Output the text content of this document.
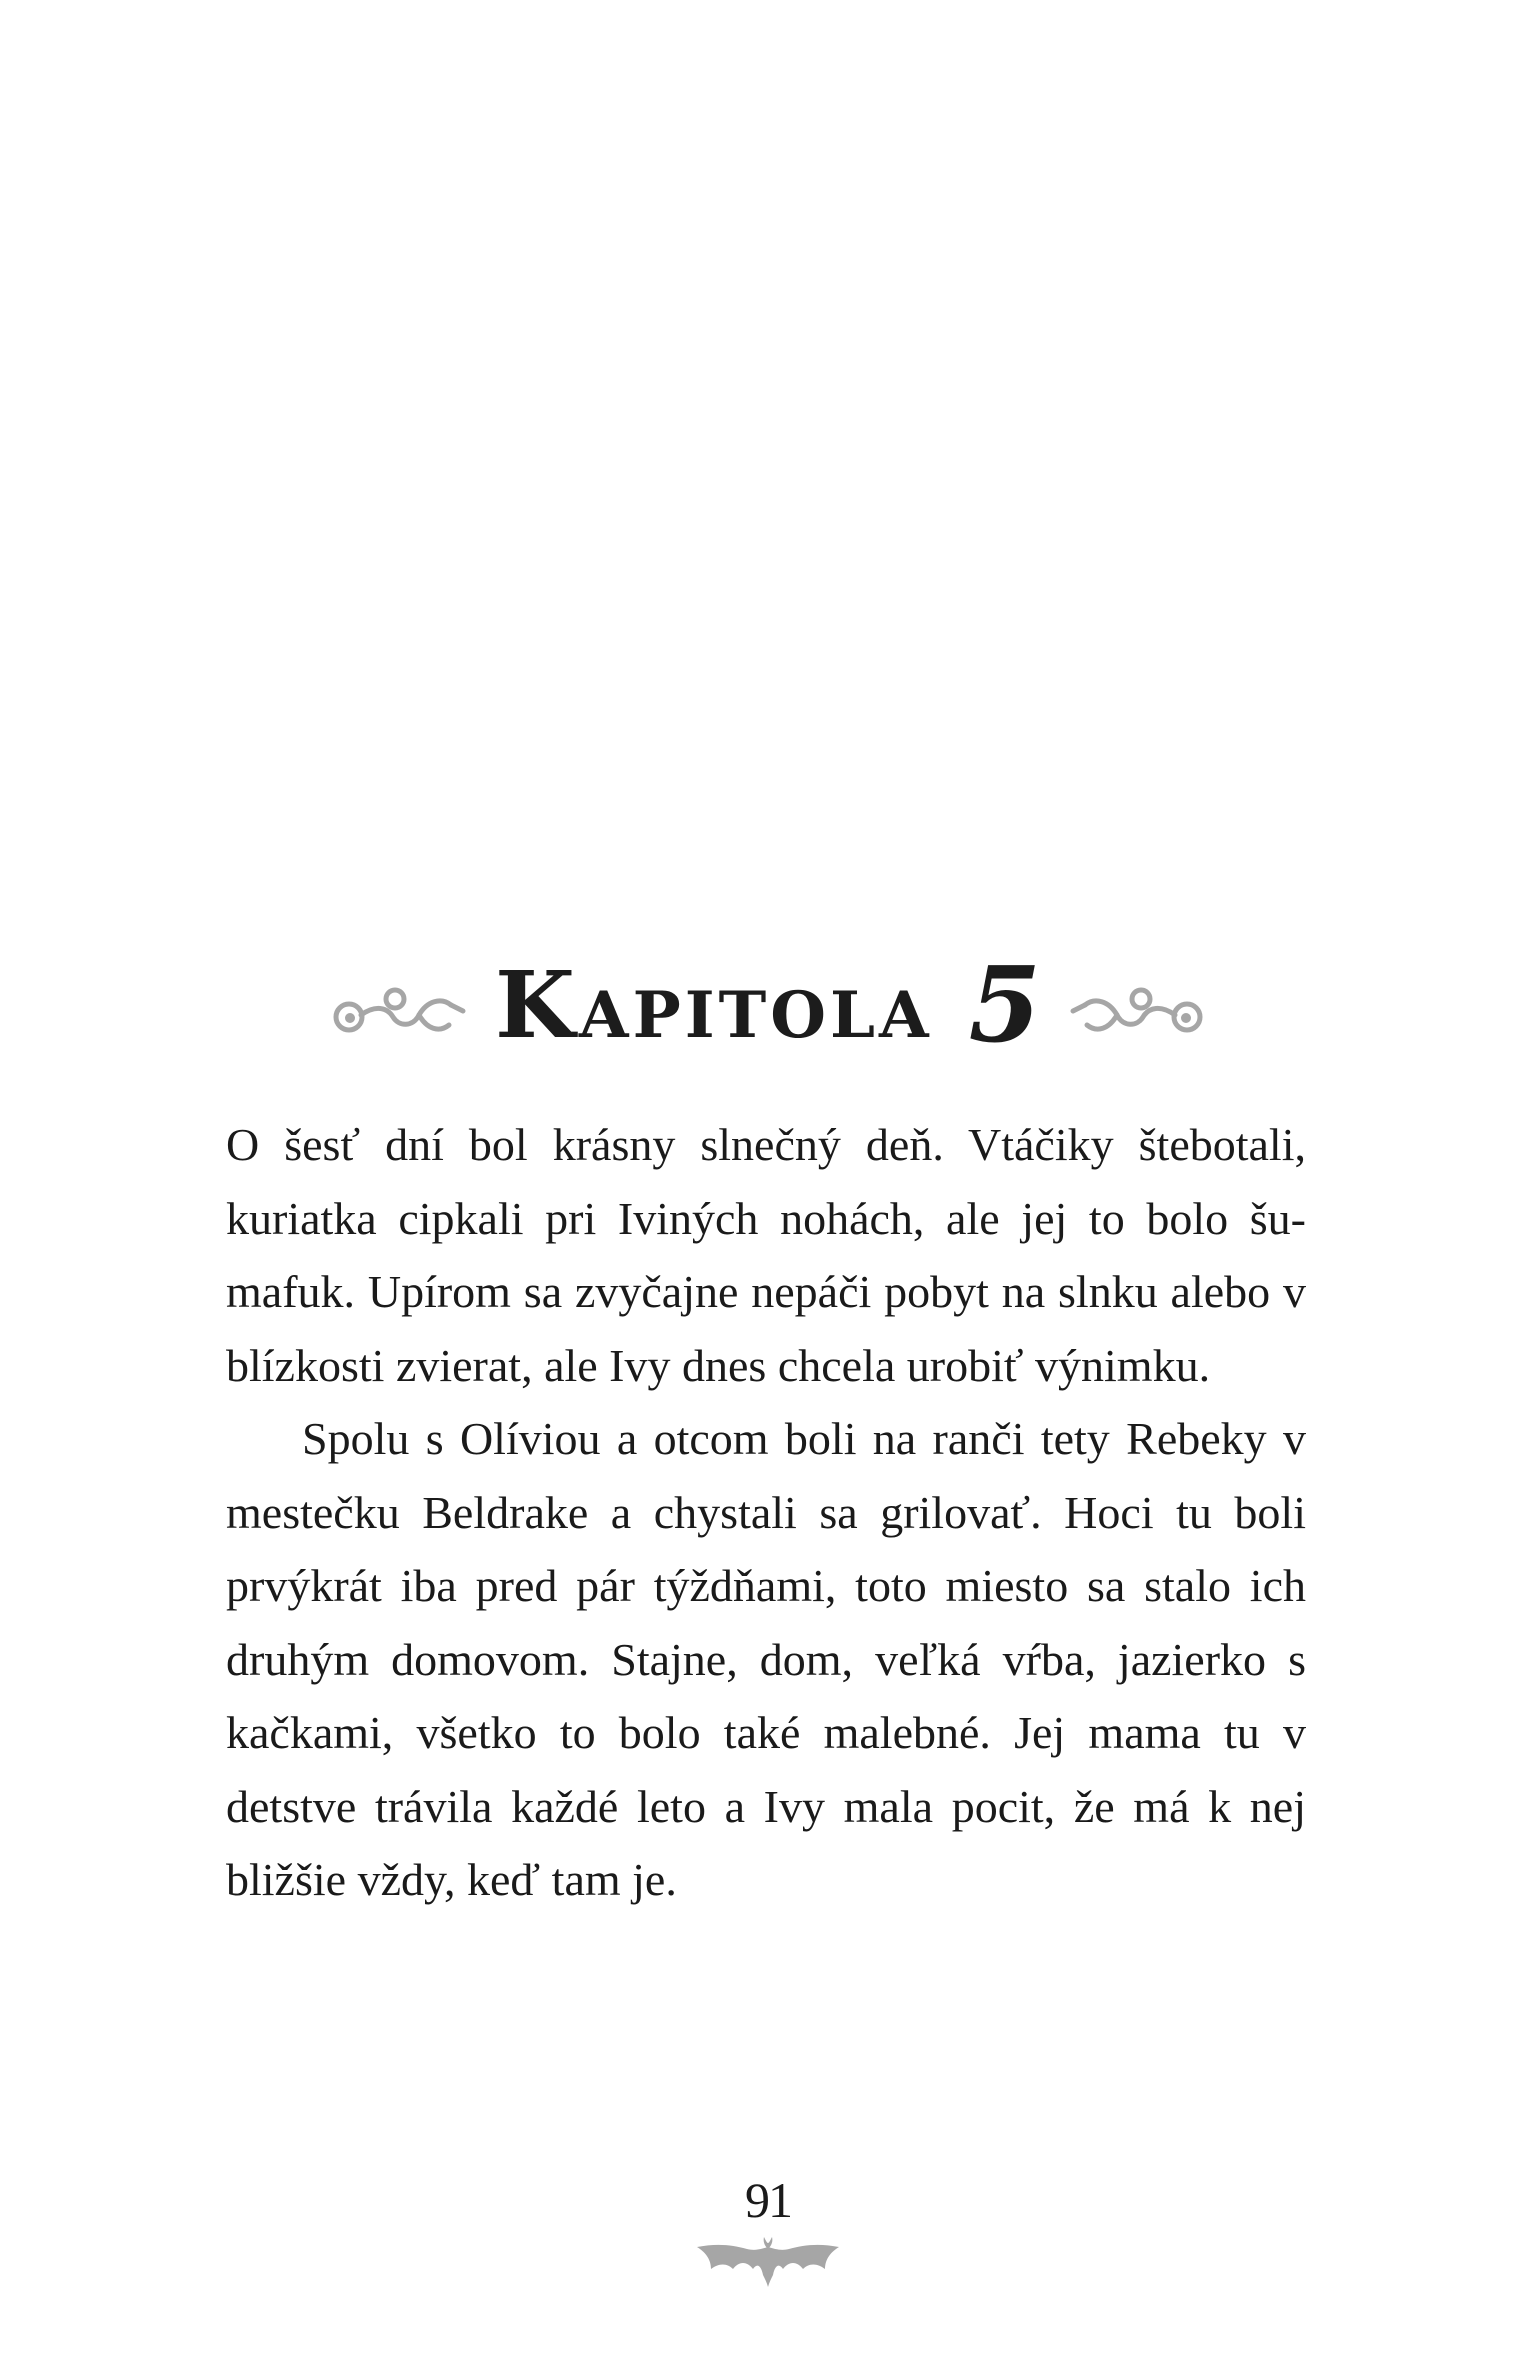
Kapitola 5

O šesť dní bol krásny slnečný deň. Vtáčiky štebotali, kuriatka cipkali pri Iviných nohách, ale jej to bolo šumafuk. Upírom sa zvyčajne nepáči pobyt na slnku alebo v blízkosti zvierat, ale Ivy dnes chcela urobiť výnimku.

Spolu s Olíviou a otcom boli na ranči tety Rebeky v mestečku Beldrake a chystali sa grilovať. Hoci tu boli prvýkrát iba pred pár týždňami, toto miesto sa stalo ich druhým domovom. Stajne, dom, veľká vŕba, jazierko s kačkami, všetko to bolo také malebné. Jej mama tu v detstve trávila každé leto a Ivy mala pocit, že má k nej bližšie vždy, keď tam je.

91
